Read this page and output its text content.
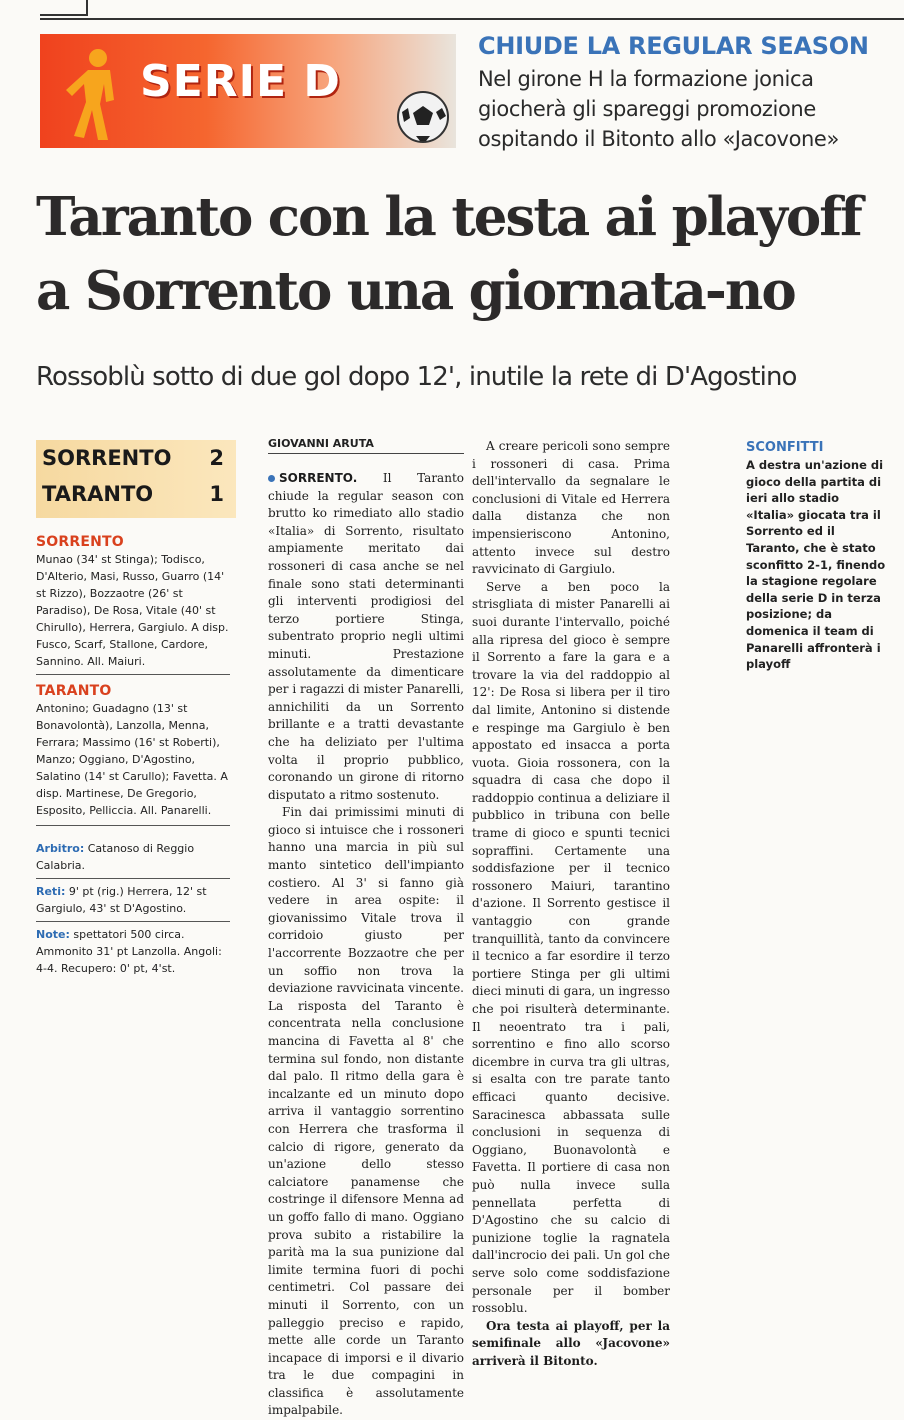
SERIE D
CHIUDE LA REGULAR SEASON
Nel girone H la formazione jonica giocherà gli spareggi promozione ospitando il Bitonto allo «Jacovone»
Taranto con la testa ai playoff
a Sorrento una giornata-no
Rossoblù sotto di due gol dopo 12', inutile la rete di D'Agostino
SORRENTO 2
TARANTO	1
SORRENTO
Munao (34' st Stinga); Todisco, D'Alterio, Masi, Russo, Guarro (14' st Rizzo), Bozzaotre (26' st Paradiso), De Rosa, Vitale (40' st Chirullo), Herrera, Gargiulo. A disp. Fusco, Scarf, Stallone, Cardore, Sannino. All. Maiuri.
TARANTO
Antonino; Guadagno (13' st Bonavolontà), Lanzolla, Menna, Ferrara; Massimo (16' st Roberti), Manzo; Oggiano, D'Agostino, Salatino (14' st Carullo); Favetta. A disp. Martinese, De Gregorio, Esposito, Pelliccia. All. Panarelli.
Arbitro: Catanoso di Reggio Calabria.
Reti: 9' pt (rig.) Herrera, 12' st Gargiulo, 43' st D'Agostino.
Note: spettatori 500 circa. Ammonito 31' pt Lanzolla. Angoli: 4-4. Recupero: 0' pt, 4'st.
GIOVANNI ARUTA

SORRENTO. Il Taranto chiude la regular season con brutto ko rimediato allo stadio «Italia» di Sorrento, risultato ampiamente meritato dai rossoneri di casa anche se nel finale sono stati determinanti gli interventi prodigiosi del terzo portiere Stinga, subentrato proprio negli ultimi minuti. Prestazione assolutamente da dimenticare per i ragazzi di mister Panarelli, annichiliti da un Sorrento brillante e a tratti devastante che ha deliziato per l'ultima volta il proprio pubblico, coronando un girone di ritorno disputato a ritmo sostenuto.

Fin dai primissimi minuti di gioco si intuisce che i rossoneri hanno una marcia in più sul manto sintetico dell'impianto costiero. Al 3' si fanno già vedere in area ospite: il giovanissimo Vitale trova il corridoio giusto per l'accorrente Bozzaotre che per un soffio non trova la deviazione ravvicinata vincente. La risposta del Taranto è concentrata nella conclusione mancina di Favetta al 8' che termina sul fondo, non distante dal palo. Il ritmo della gara è incalzante ed un minuto dopo arriva il vantaggio sorrentino con Herrera che trasforma il calcio di rigore, generato da un'azione dello stesso calciatore panamense che costringe il difensore Menna ad un goffo fallo di mano. Oggiano prova subito a ristabilire la parità ma la sua punizione dal limite termina fuori di pochi centimetri. Col passare dei minuti il Sorrento, con un palleggio preciso e rapido, mette alle corde un Taranto incapace di imporsi e il divario tra le due compagini in classifica è assolutamente impalpabile.

A creare pericoli sono sempre i rossoneri di casa. Prima dell'intervallo da segnalare le conclusioni di Vitale ed Herrera dalla distanza che non impensieriscono Antonino, attento invece sul destro ravvicinato di Gargiulo.

Serve a ben poco la strisgliata di mister Panarelli ai suoi durante l'intervallo, poiché alla ripresa del gioco è sempre il Sorrento a fare la gara e a trovare la via del raddoppio al 12': De Rosa si libera per il tiro dal limite, Antonino si distende e respinge ma Gargiulo è ben appostato ed insacca a porta vuota. Gioia rossonera, con la squadra di casa che dopo il raddoppio continua a deliziare il pubblico in tribuna con belle trame di gioco e spunti tecnici sopraffini. Certamente una soddisfazione per il tecnico rossonero Maiuri, tarantino d'azione. Il Sorrento gestisce il vantaggio con grande tranquillità, tanto da convincere il tecnico a far esordire il terzo portiere Stinga per gli ultimi dieci minuti di gara, un ingresso che poi risulterà determinante. Il neoentrato tra i pali, sorrentino e fino allo scorso dicembre in curva tra gli ultras, si esalta con tre parate tanto efficaci quanto decisive. Saracinesca abbassata sulle conclusioni in sequenza di Oggiano, Buonavolontà e Favetta. Il portiere di casa non può nulla invece sulla pennellata perfetta di D'Agostino che su calcio di punizione toglie la ragnatela dall'incrocio dei pali. Un gol che serve solo come soddisfazione personale per il bomber rossoblu.

Ora testa ai playoff, per la semifinale allo «Jacovone» arriverà il Bitonto.

SCONFITTI
A destra un'azione di gioco della partita di ieri allo stadio «Italia» giocata tra il Sorrento ed il Taranto, che è stato sconfitto 2-1, finendo la stagione regolare della serie D in terza posizione; da domenica il team di Panarelli affronterà i playoff
